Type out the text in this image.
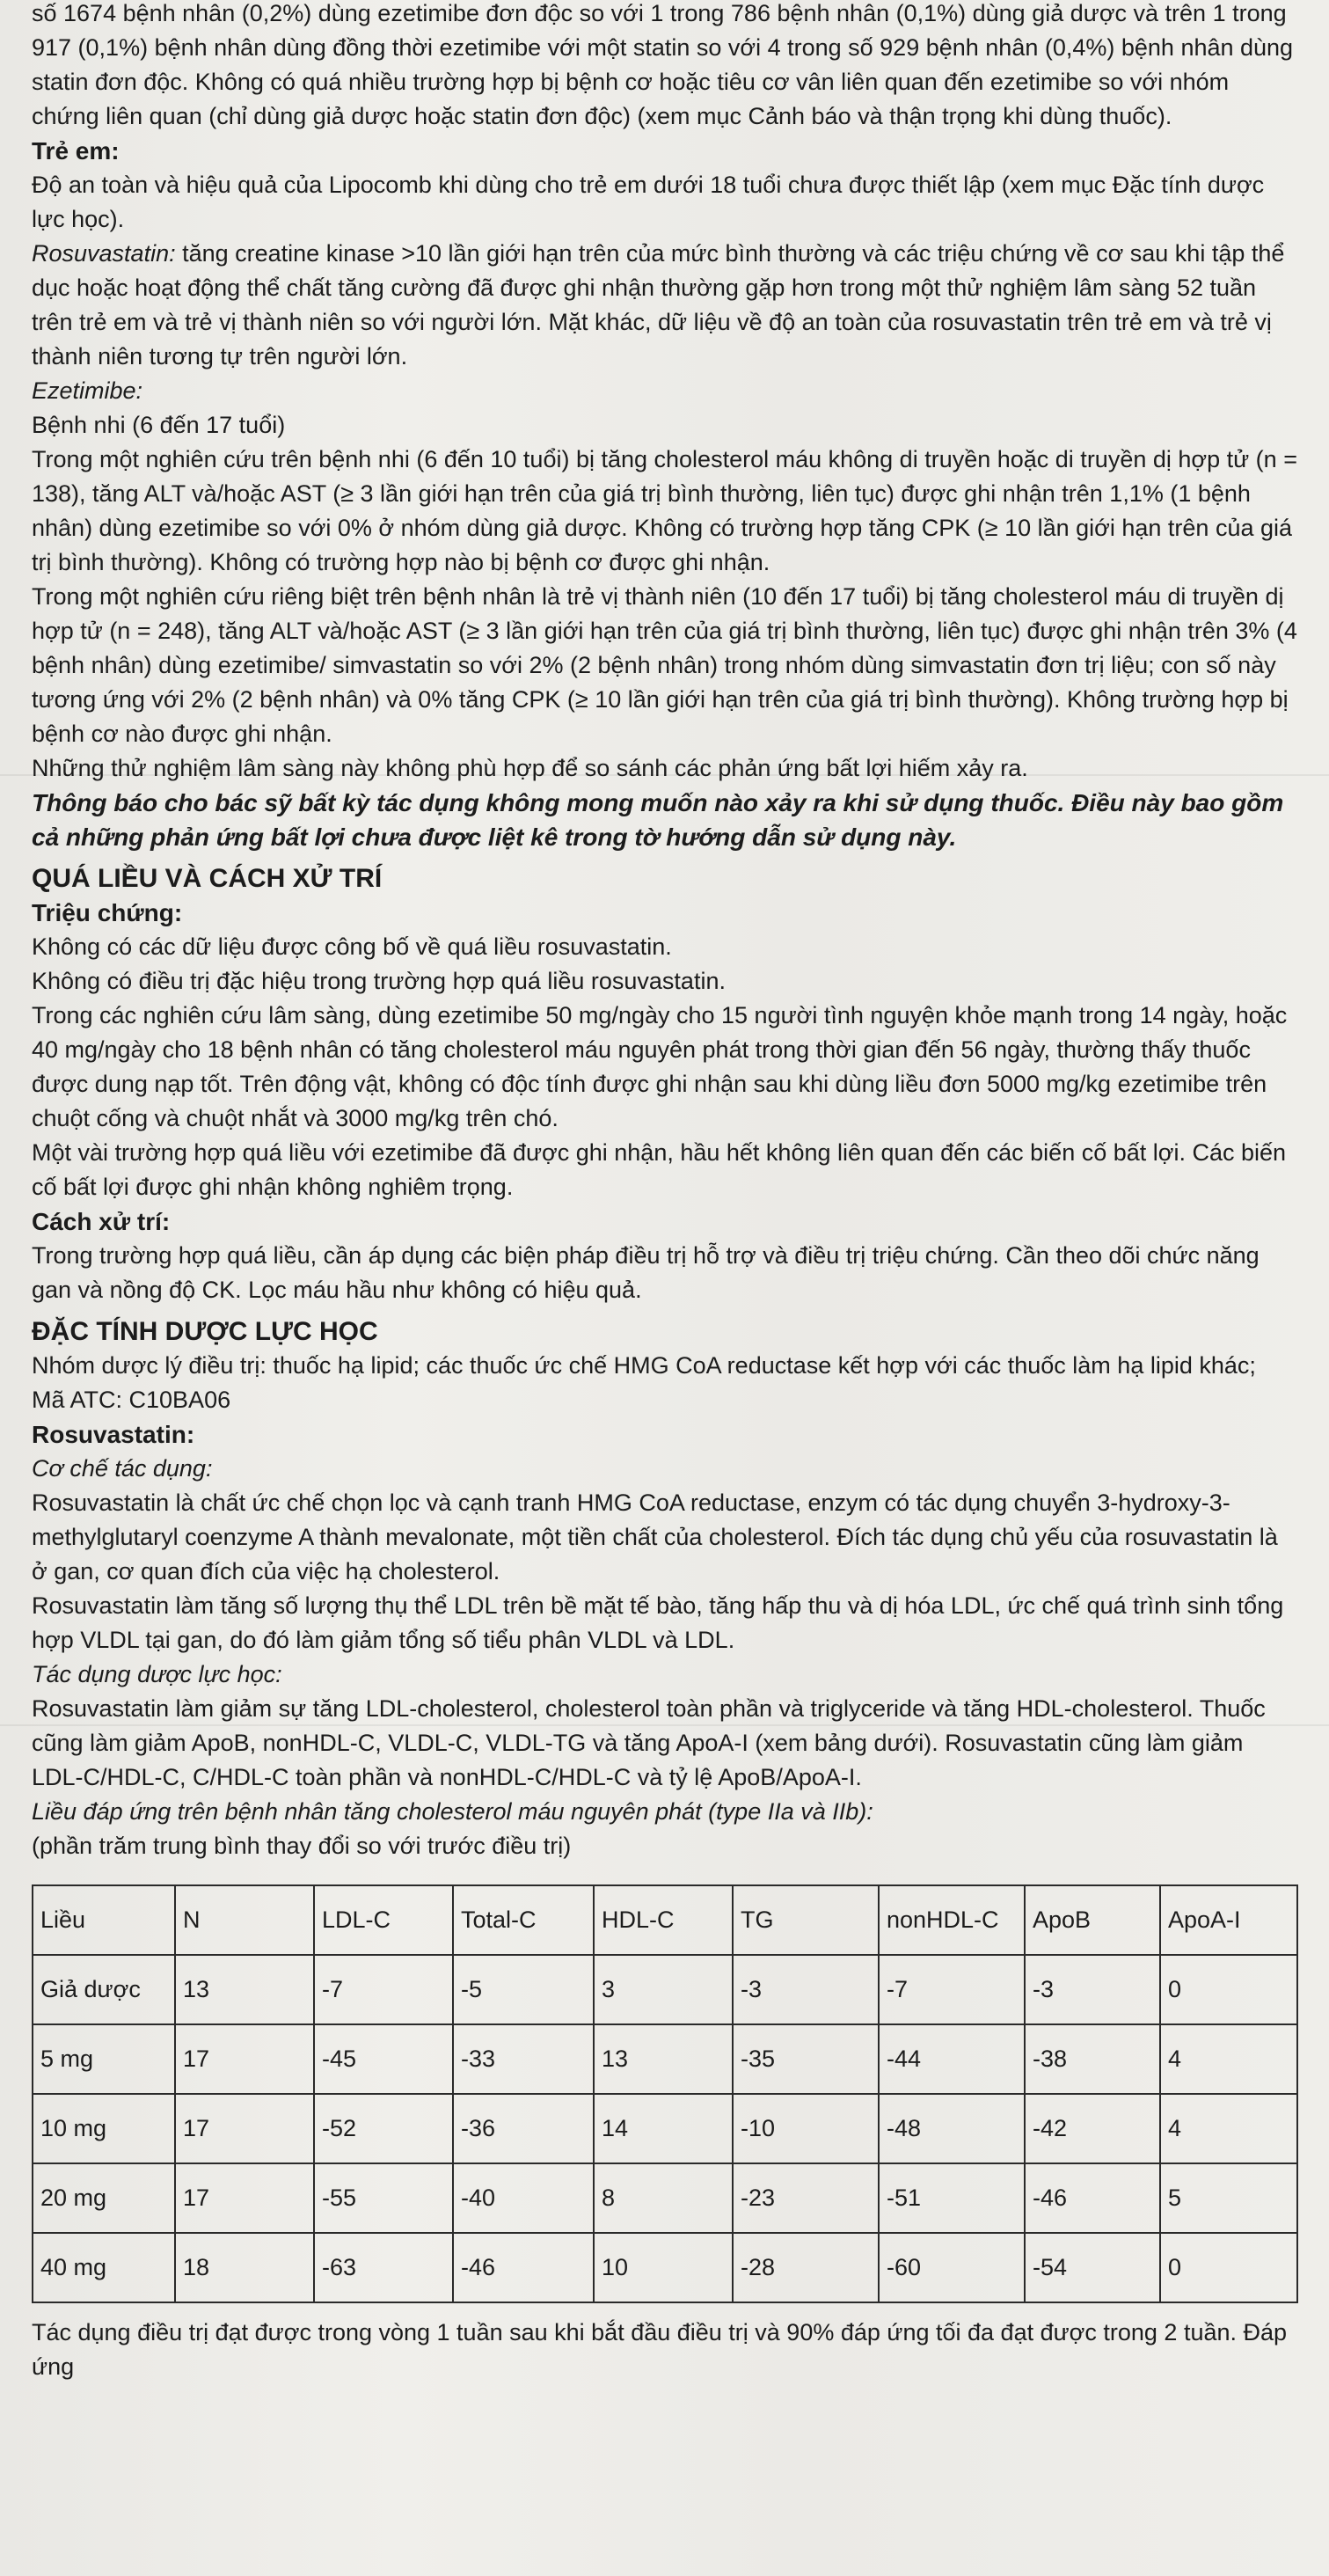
số 1674 bệnh nhân (0,2%) dùng ezetimibe đơn độc so với 1 trong 786 bệnh nhân (0,1%) dùng giả dược và trên 1 trong 917 (0,1%) bệnh nhân dùng đồng thời ezetimibe với một statin so với 4 trong số 929 bệnh nhân (0,4%) bệnh nhân dùng statin đơn độc. Không có quá nhiều trường hợp bị bệnh cơ hoặc tiêu cơ vân liên quan đến ezetimibe so với nhóm chứng liên quan (chỉ dùng giả dược hoặc statin đơn độc) (xem mục Cảnh báo và thận trọng khi dùng thuốc).

Trẻ em:

Độ an toàn và hiệu quả của Lipocomb khi dùng cho trẻ em dưới 18 tuổi chưa được thiết lập (xem mục Đặc tính dược lực học).

Rosuvastatin: tăng creatine kinase >10 lần giới hạn trên của mức bình thường và các triệu chứng về cơ sau khi tập thể dục hoặc hoạt động thể chất tăng cường đã được ghi nhận thường gặp hơn trong một thử nghiệm lâm sàng 52 tuần trên trẻ em và trẻ vị thành niên so với người lớn. Mặt khác, dữ liệu về độ an toàn của rosuvastatin trên trẻ em và trẻ vị thành niên tương tự trên người lớn.

Ezetimibe:

Bệnh nhi (6 đến 17 tuổi)

Trong một nghiên cứu trên bệnh nhi (6 đến 10 tuổi) bị tăng cholesterol máu không di truyền hoặc di truyền dị hợp tử (n = 138), tăng ALT và/hoặc AST (≥ 3 lần giới hạn trên của giá trị bình thường, liên tục) được ghi nhận trên 1,1% (1 bệnh nhân) dùng ezetimibe so với 0% ở nhóm dùng giả dược. Không có trường hợp tăng CPK (≥ 10 lần giới hạn trên của giá trị bình thường). Không có trường hợp nào bị bệnh cơ được ghi nhận.

Trong một nghiên cứu riêng biệt trên bệnh nhân là trẻ vị thành niên (10 đến 17 tuổi) bị tăng cholesterol máu di truyền dị hợp tử (n = 248), tăng ALT và/hoặc AST (≥ 3 lần giới hạn trên của giá trị bình thường, liên tục) được ghi nhận trên 3% (4 bệnh nhân) dùng ezetimibe/ simvastatin so với 2% (2 bệnh nhân) trong nhóm dùng simvastatin đơn trị liệu; con số này tương ứng với 2% (2 bệnh nhân) và 0% tăng CPK (≥ 10 lần giới hạn trên của giá trị bình thường). Không trường hợp bị bệnh cơ nào được ghi nhận.

Những thử nghiệm lâm sàng này không phù hợp để so sánh các phản ứng bất lợi hiếm xảy ra.

Thông báo cho bác sỹ bất kỳ tác dụng không mong muốn nào xảy ra khi sử dụng thuốc. Điều này bao gồm cả những phản ứng bất lợi chưa được liệt kê trong tờ hướng dẫn sử dụng này.

QUÁ LIỀU VÀ CÁCH XỬ TRÍ

Triệu chứng:

Không có các dữ liệu được công bố về quá liều rosuvastatin.

Không có điều trị đặc hiệu trong trường hợp quá liều rosuvastatin.

Trong các nghiên cứu lâm sàng, dùng ezetimibe 50 mg/ngày cho 15 người tình nguyện khỏe mạnh trong 14 ngày, hoặc 40 mg/ngày cho 18 bệnh nhân có tăng cholesterol máu nguyên phát trong thời gian đến 56 ngày, thường thấy thuốc được dung nạp tốt. Trên động vật, không có độc tính được ghi nhận sau khi dùng liều đơn 5000 mg/kg ezetimibe trên chuột cống và chuột nhắt và 3000 mg/kg trên chó.

Một vài trường hợp quá liều với ezetimibe đã được ghi nhận, hầu hết không liên quan đến các biến cố bất lợi. Các biến cố bất lợi được ghi nhận không nghiêm trọng.

Cách xử trí:

Trong trường hợp quá liều, cần áp dụng các biện pháp điều trị hỗ trợ và điều trị triệu chứng. Cần theo dõi chức năng gan và nồng độ CK. Lọc máu hầu như không có hiệu quả.

ĐẶC TÍNH DƯỢC LỰC HỌC

Nhóm dược lý điều trị: thuốc hạ lipid; các thuốc ức chế HMG CoA reductase kết hợp với các thuốc làm hạ lipid khác;

Mã ATC: C10BA06

Rosuvastatin:

Cơ chế tác dụng:

Rosuvastatin là chất ức chế chọn lọc và cạnh tranh HMG CoA reductase, enzym có tác dụng chuyển 3-hydroxy-3-methylglutaryl coenzyme A thành mevalonate, một tiền chất của cholesterol. Đích tác dụng chủ yếu của rosuvastatin là ở gan, cơ quan đích của việc hạ cholesterol.

Rosuvastatin làm tăng số lượng thụ thể LDL trên bề mặt tế bào, tăng hấp thu và dị hóa LDL, ức chế quá trình sinh tổng hợp VLDL tại gan, do đó làm giảm tổng số tiểu phân VLDL và LDL.

Tác dụng dược lực học:

Rosuvastatin làm giảm sự tăng LDL-cholesterol, cholesterol toàn phần và triglyceride và tăng HDL-cholesterol. Thuốc cũng làm giảm ApoB, nonHDL-C, VLDL-C, VLDL-TG và tăng ApoA-I (xem bảng dưới). Rosuvastatin cũng làm giảm LDL-C/HDL-C, C/HDL-C toàn phần và nonHDL-C/HDL-C và tỷ lệ ApoB/ApoA-I.

Liều đáp ứng trên bệnh nhân tăng cholesterol máu nguyên phát (type IIa và IIb):

(phần trăm trung bình thay đổi so với trước điều trị)

Liều	N	LDL-C	Total-C	HDL-C	TG	nonHDL-C	ApoB	ApoA-I
Giả dược	13	-7	-5	3	-3	-7	-3	0
5 mg	17	-45	-33	13	-35	-44	-38	4
10 mg	17	-52	-36	14	-10	-48	-42	4
20 mg	17	-55	-40	8	-23	-51	-46	5
40 mg	18	-63	-46	10	-28	-60	-54	0

Tác dụng điều trị đạt được trong vòng 1 tuần sau khi bắt đầu điều trị và 90% đáp ứng tối đa đạt được trong 2 tuần. Đáp ứng
